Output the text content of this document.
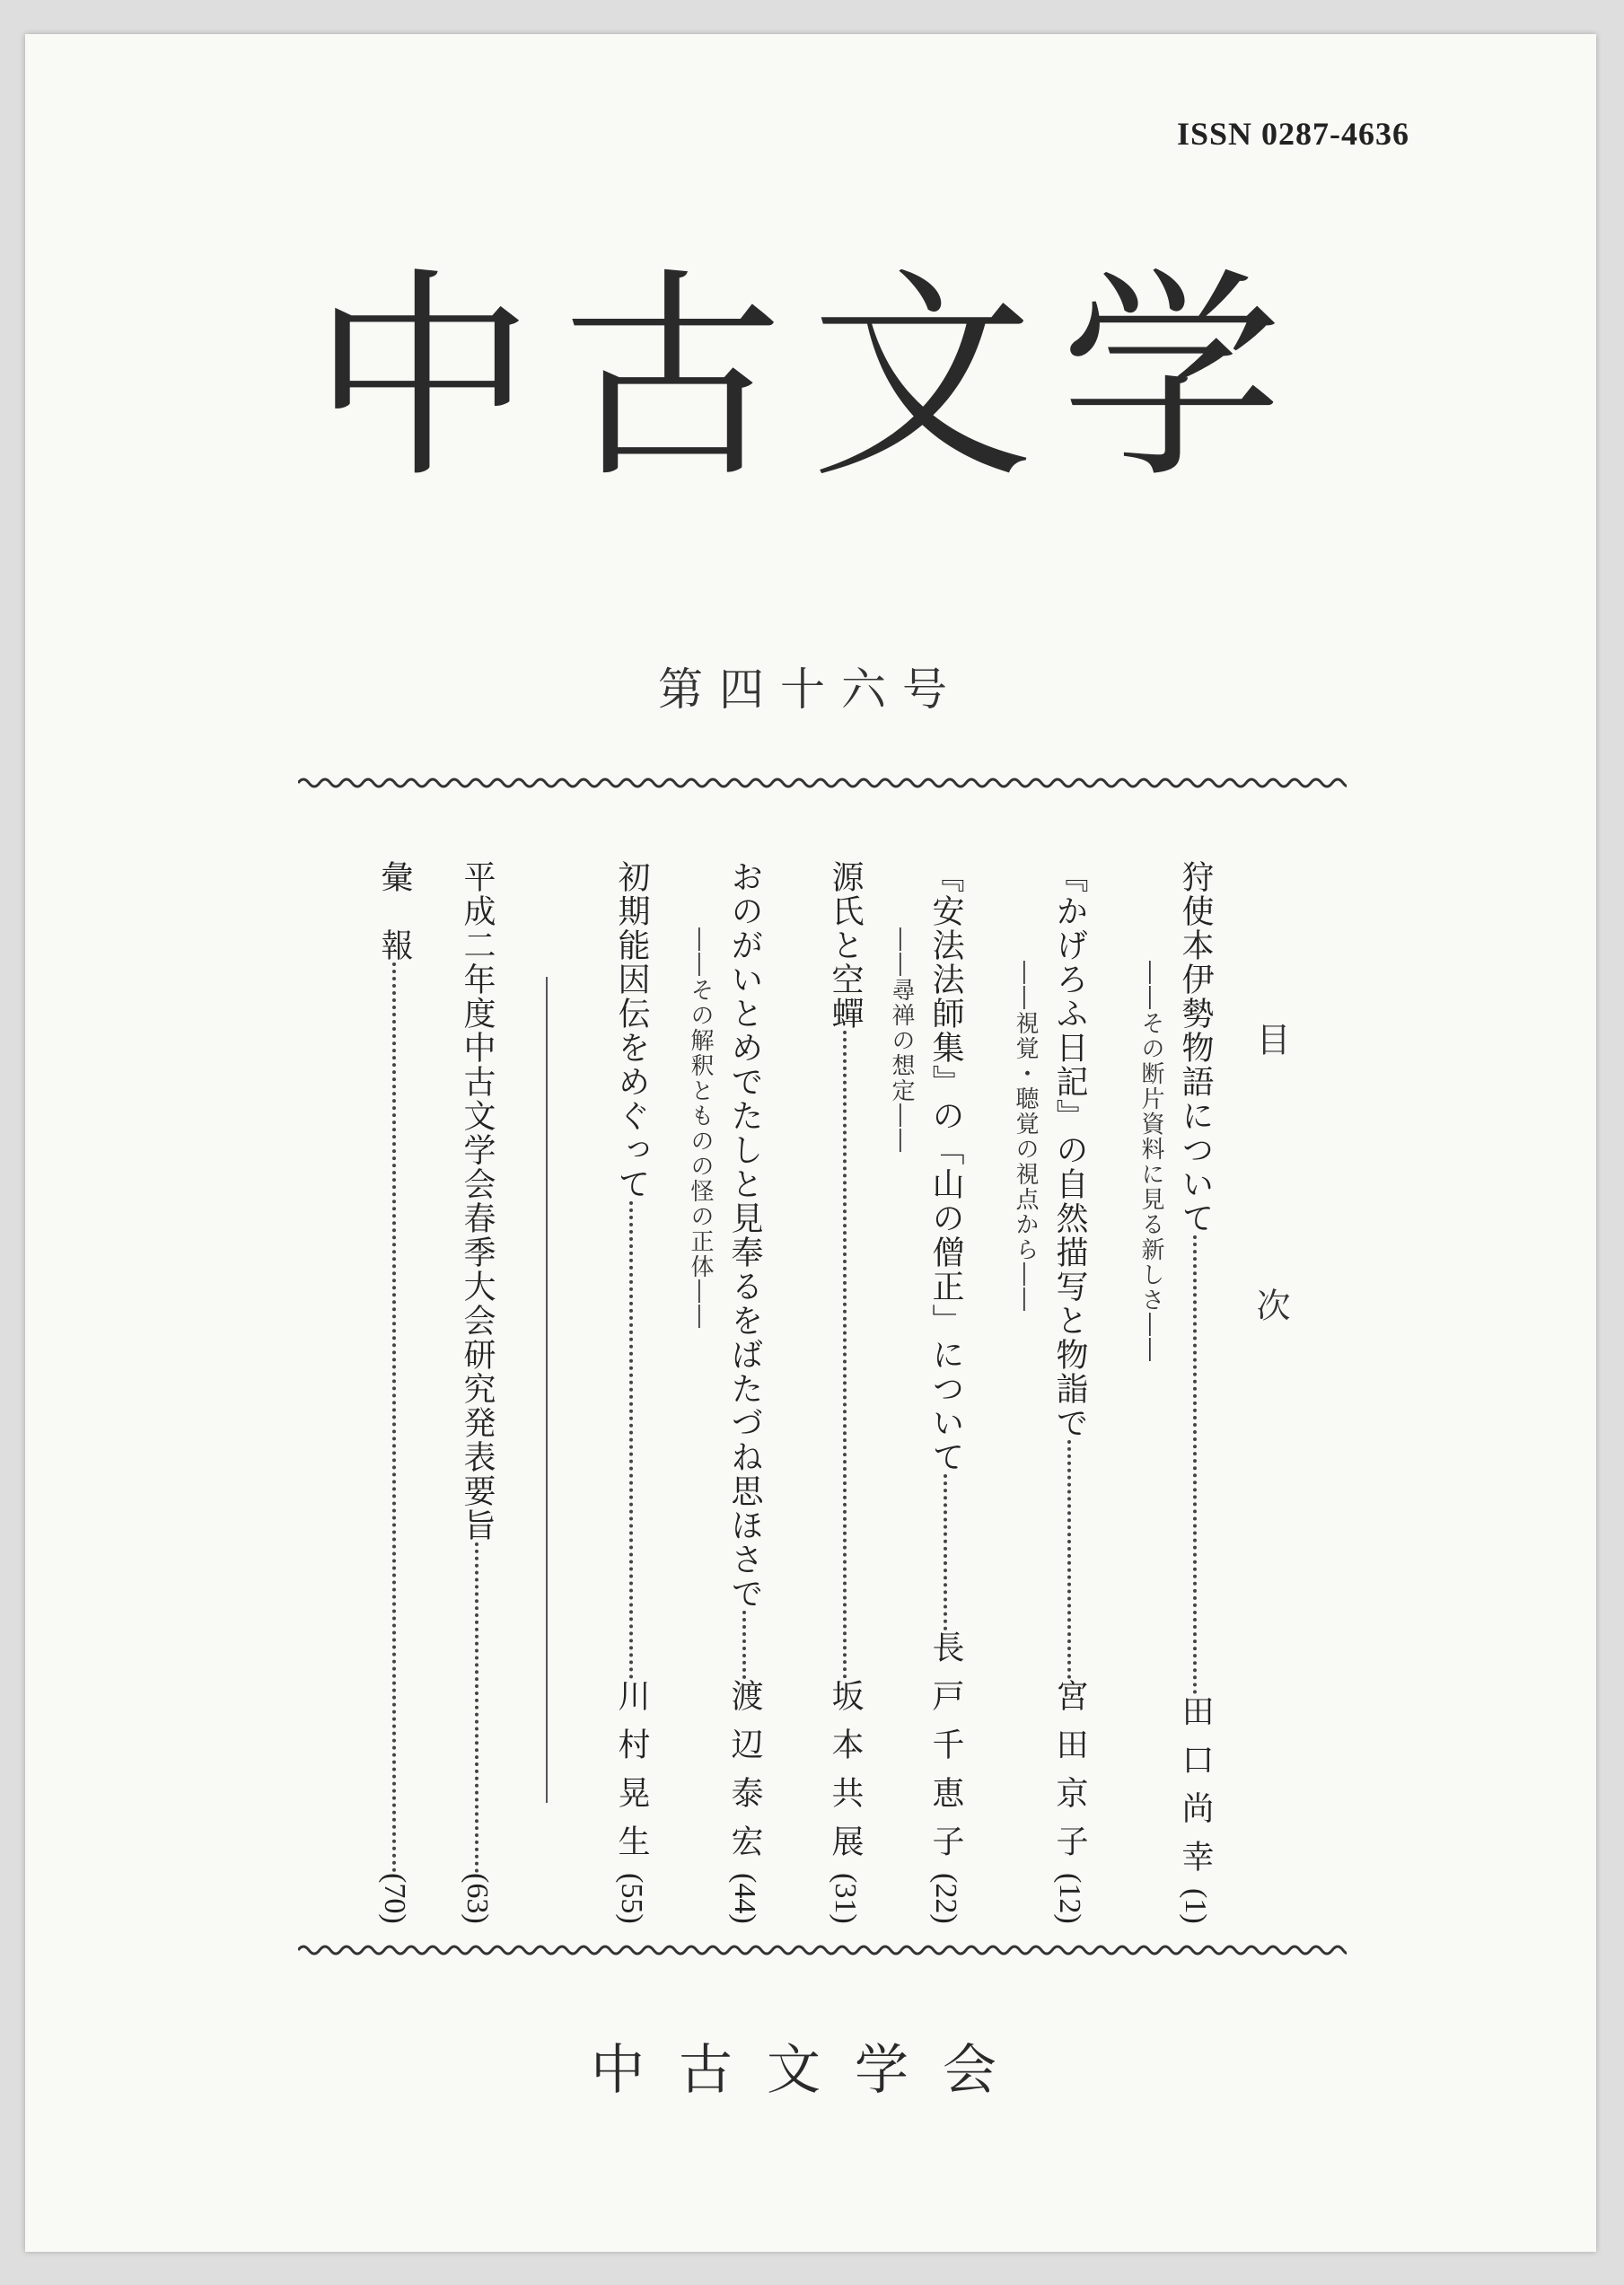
ISSN 0287-4636
中古文学
第四十六号
目　次
狩使本伊勢物語について
田口尚幸
(1)
――その断片資料に見る新しさ――
『かげろふ日記』の自然描写と物詣で
宮田京子
(12)
――視覚・聴覚の視点から――
『安法法師集』の「山の僧正」について
長戸千恵子
(22)
――尋禅の想定――
源氏と空蟬
坂本共展
(31)
おのがいとめでたしと見奉るをばたづね思ほさで
渡辺泰宏
(44)
――その解釈とものの怪の正体――
初期能因伝をめぐって
川村晃生
(55)
平成二年度中古文学会春季大会研究発表要旨
(63)
彙　報
(70)
中古文学会
